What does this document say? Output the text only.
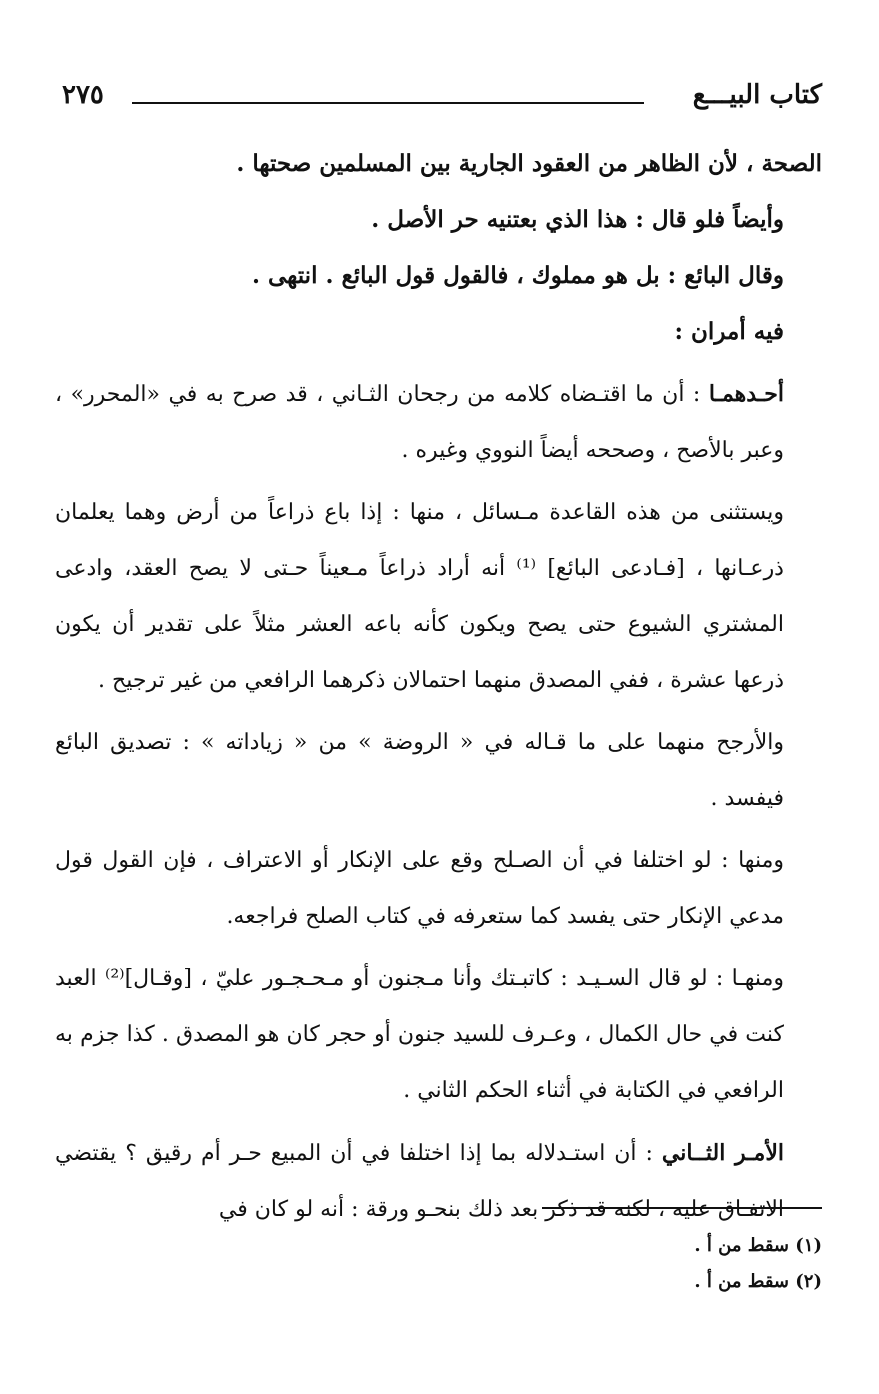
كتاب البيـــع
٢٧٥
الصحة ، لأن الظاهر من العقود الجارية بين المسلمين صحتها .
وأيضاً فلو قال : هذا الذي بعتنيه حر الأصل .
وقال البائع : بل هو مملوك ، فالقول قول البائع . انتهى .
فيه أمران :
أحـدهمـا : أن ما اقتـضاه كلامه من رجحان الثـاني ، قد صرح به في «المحرر» ، وعبر بالأصح ، وصححه أيضاً النووي وغيره .
ويستثنى من هذه القاعدة مـسائل ، منها : إذا باع ذراعاً من أرض وهما يعلمان ذرعـانها ، [فـادعى البائع] ⁽¹⁾ أنه أراد ذراعاً مـعيناً حـتى لا يصح العقد، وادعى المشتري الشيوع حتى يصح ويكون كأنه باعه العشر مثلاً على تقدير أن يكون ذرعها عشرة ، ففي المصدق منهما احتمالان ذكرهما الرافعي من غير ترجيح .
والأرجح منهما على ما قـاله في « الروضة » من « زياداته » : تصديق البائع فيفسد .
ومنها : لو اختلفا في أن الصـلح وقع على الإنكار أو الاعتراف ، فإن القول قول مدعي الإنكار حتى يفسد كما ستعرفه في كتاب الصلح فراجعه.
ومنهـا : لو قال السـيـد : كاتبـتك وأنا مـجنون أو مـحـجـور عليّ ، [وقـال]⁽²⁾ العبد كنت في حال الكمال ، وعـرف للسيد جنون أو حجر كان هو المصدق . كذا جزم به الرافعي في الكتابة في أثناء الحكم الثاني .
الأمـر الثــاني : أن استـدلاله بما إذا اختلفا في أن المبيع حـر أم رقيق ؟ يقتضي الاتفـاق عليه ، لكنه قد ذكر بعد ذلك بنحـو ورقة : أنه لو كان في
(١) سقط من أ .
(٢) سقط من أ .
